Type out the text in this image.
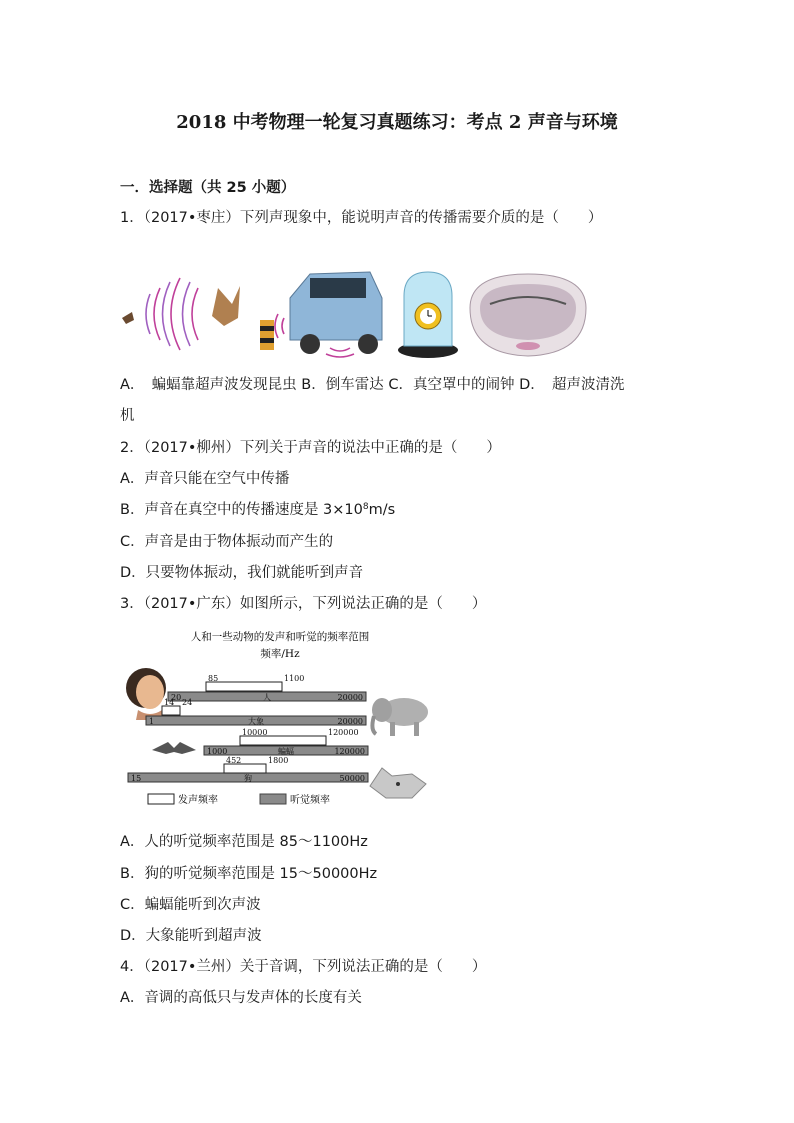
2018 中考物理一轮复习真题练习：考点 2 声音与环境
一．选择题（共 25 小题）
1．（2017•枣庄）下列声现象中，能说明声音的传播需要介质的是（　　）
A．　蝙蝠靠超声波发现昆虫 B．倒车雷达 C．真空罩中的闹钟 D．　超声波清洗
机
2．（2017•柳州）下列关于声音的说法中正确的是（　　）
A．声音只能在空气中传播
B．声音在真空中的传播速度是 $3\times 10^8m/s$
C．声音是由于物体振动而产生的
D．只要物体振动，我们就能听到声音
3．（2017•广东）如图所示，下列说法正确的是（　　）
人和一些动物的发声和听觉的频率范围
频率/Hz
人
85	1100
20	20000
大象
14 24
1	20000
蝙蝠
10000	120000
1000	120000
狗
452	1800
15	50000
发声频率	听觉频率
A．人的听觉频率范围是 85～1100Hz
B．狗的听觉频率范围是 15～50000Hz
C．蝙蝠能听到次声波
D．大象能听到超声波
4．（2017•兰州）关于音调，下列说法正确的是（　　）
A．音调的高低只与发声体的长度有关
